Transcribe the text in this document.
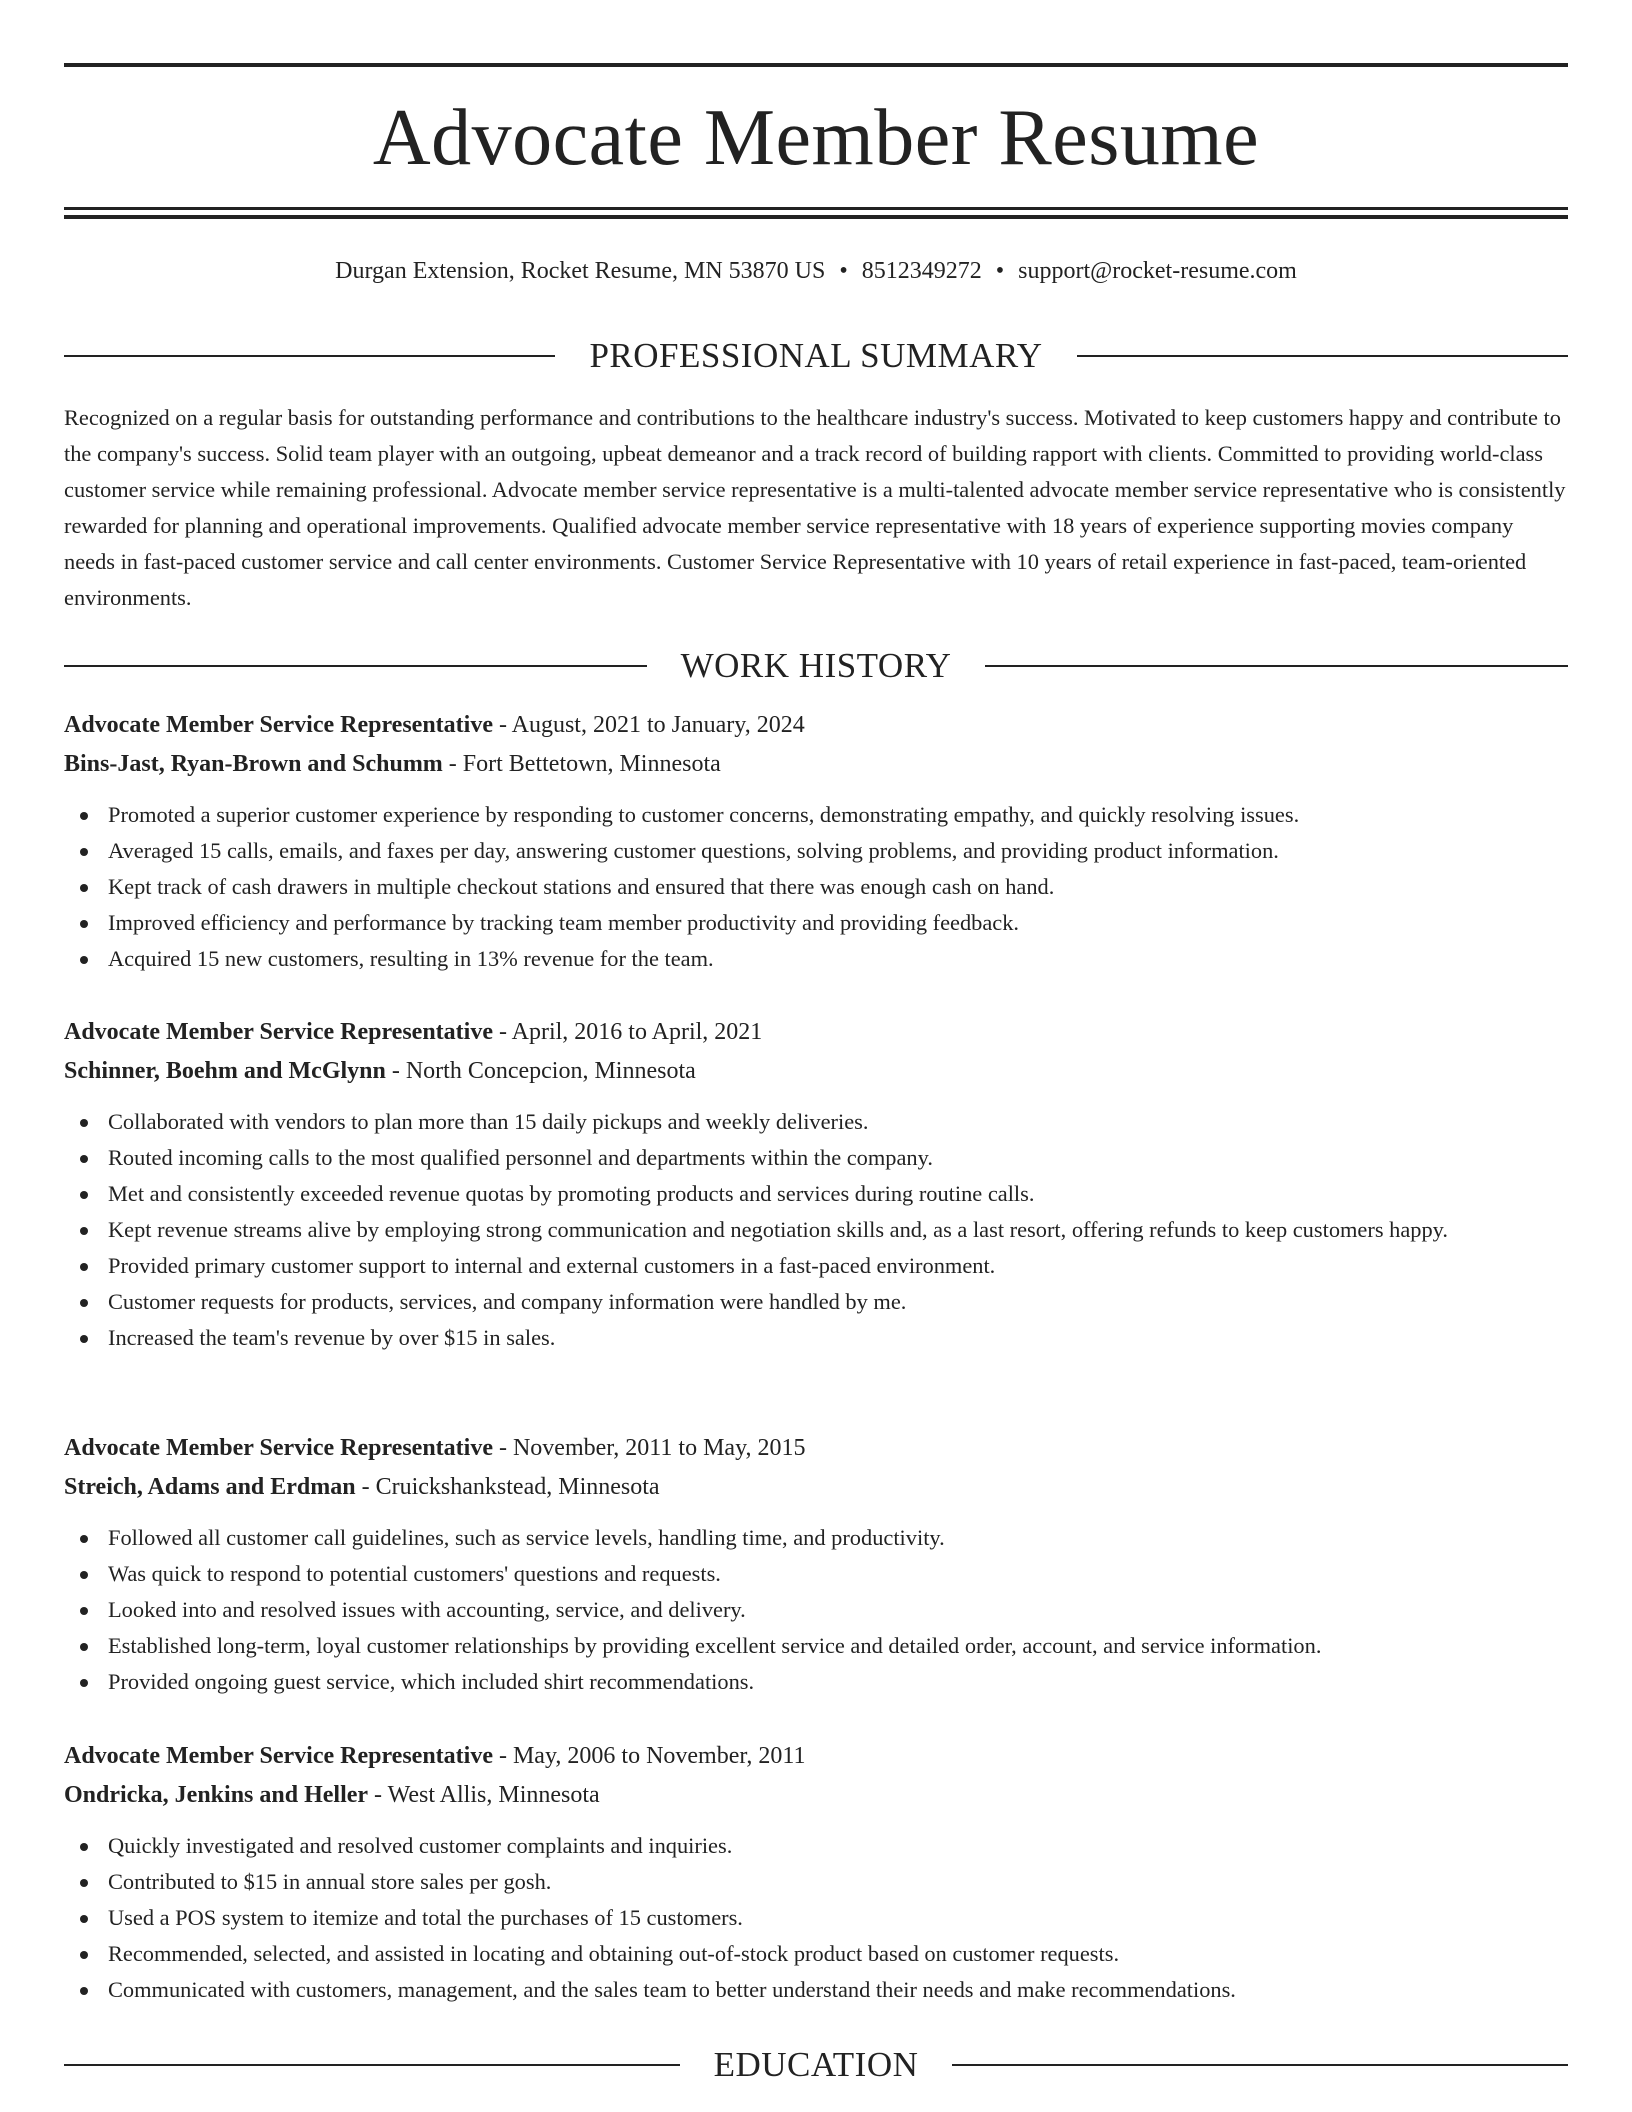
Advocate Member Resume
Durgan Extension, Rocket Resume, MN 53870 US • 8512349272 • support@rocket-resume.com
PROFESSIONAL SUMMARY

Recognized on a regular basis for outstanding performance and contributions to the healthcare industry's success. Motivated to keep customers happy and contribute to the company's success. Solid team player with an outgoing, upbeat demeanor and a track record of building rapport with clients. Committed to providing world-class customer service while remaining professional. Advocate member service representative is a multi-talented advocate member service representative who is consistently rewarded for planning and operational improvements. Qualified advocate member service representative with 18 years of experience supporting movies company needs in fast-paced customer service and call center environments. Customer Service Representative with 10 years of retail experience in fast-paced, team-oriented environments.

WORK HISTORY
Advocate Member Service Representative - August, 2021 to January, 2024
Bins-Jast, Ryan-Brown and Schumm - Fort Bettetown, Minnesota
Promoted a superior customer experience by responding to customer concerns, demonstrating empathy, and quickly resolving issues.
Averaged 15 calls, emails, and faxes per day, answering customer questions, solving problems, and providing product information.
Kept track of cash drawers in multiple checkout stations and ensured that there was enough cash on hand.
Improved efficiency and performance by tracking team member productivity and providing feedback.
Acquired 15 new customers, resulting in 13% revenue for the team.
Advocate Member Service Representative - April, 2016 to April, 2021
Schinner, Boehm and McGlynn - North Concepcion, Minnesota
Collaborated with vendors to plan more than 15 daily pickups and weekly deliveries.
Routed incoming calls to the most qualified personnel and departments within the company.
Met and consistently exceeded revenue quotas by promoting products and services during routine calls.
Kept revenue streams alive by employing strong communication and negotiation skills and, as a last resort, offering refunds to keep customers happy.
Provided primary customer support to internal and external customers in a fast-paced environment.
Customer requests for products, services, and company information were handled by me.
Increased the team's revenue by over $15 in sales.
Advocate Member Service Representative - November, 2011 to May, 2015
Streich, Adams and Erdman - Cruickshankstead, Minnesota
Followed all customer call guidelines, such as service levels, handling time, and productivity.
Was quick to respond to potential customers' questions and requests.
Looked into and resolved issues with accounting, service, and delivery.
Established long-term, loyal customer relationships by providing excellent service and detailed order, account, and service information.
Provided ongoing guest service, which included shirt recommendations.
Advocate Member Service Representative - May, 2006 to November, 2011
Ondricka, Jenkins and Heller - West Allis, Minnesota
Quickly investigated and resolved customer complaints and inquiries.
Contributed to $15 in annual store sales per gosh.
Used a POS system to itemize and total the purchases of 15 customers.
Recommended, selected, and assisted in locating and obtaining out-of-stock product based on customer requests.
Communicated with customers, management, and the sales team to better understand their needs and make recommendations.
EDUCATION
